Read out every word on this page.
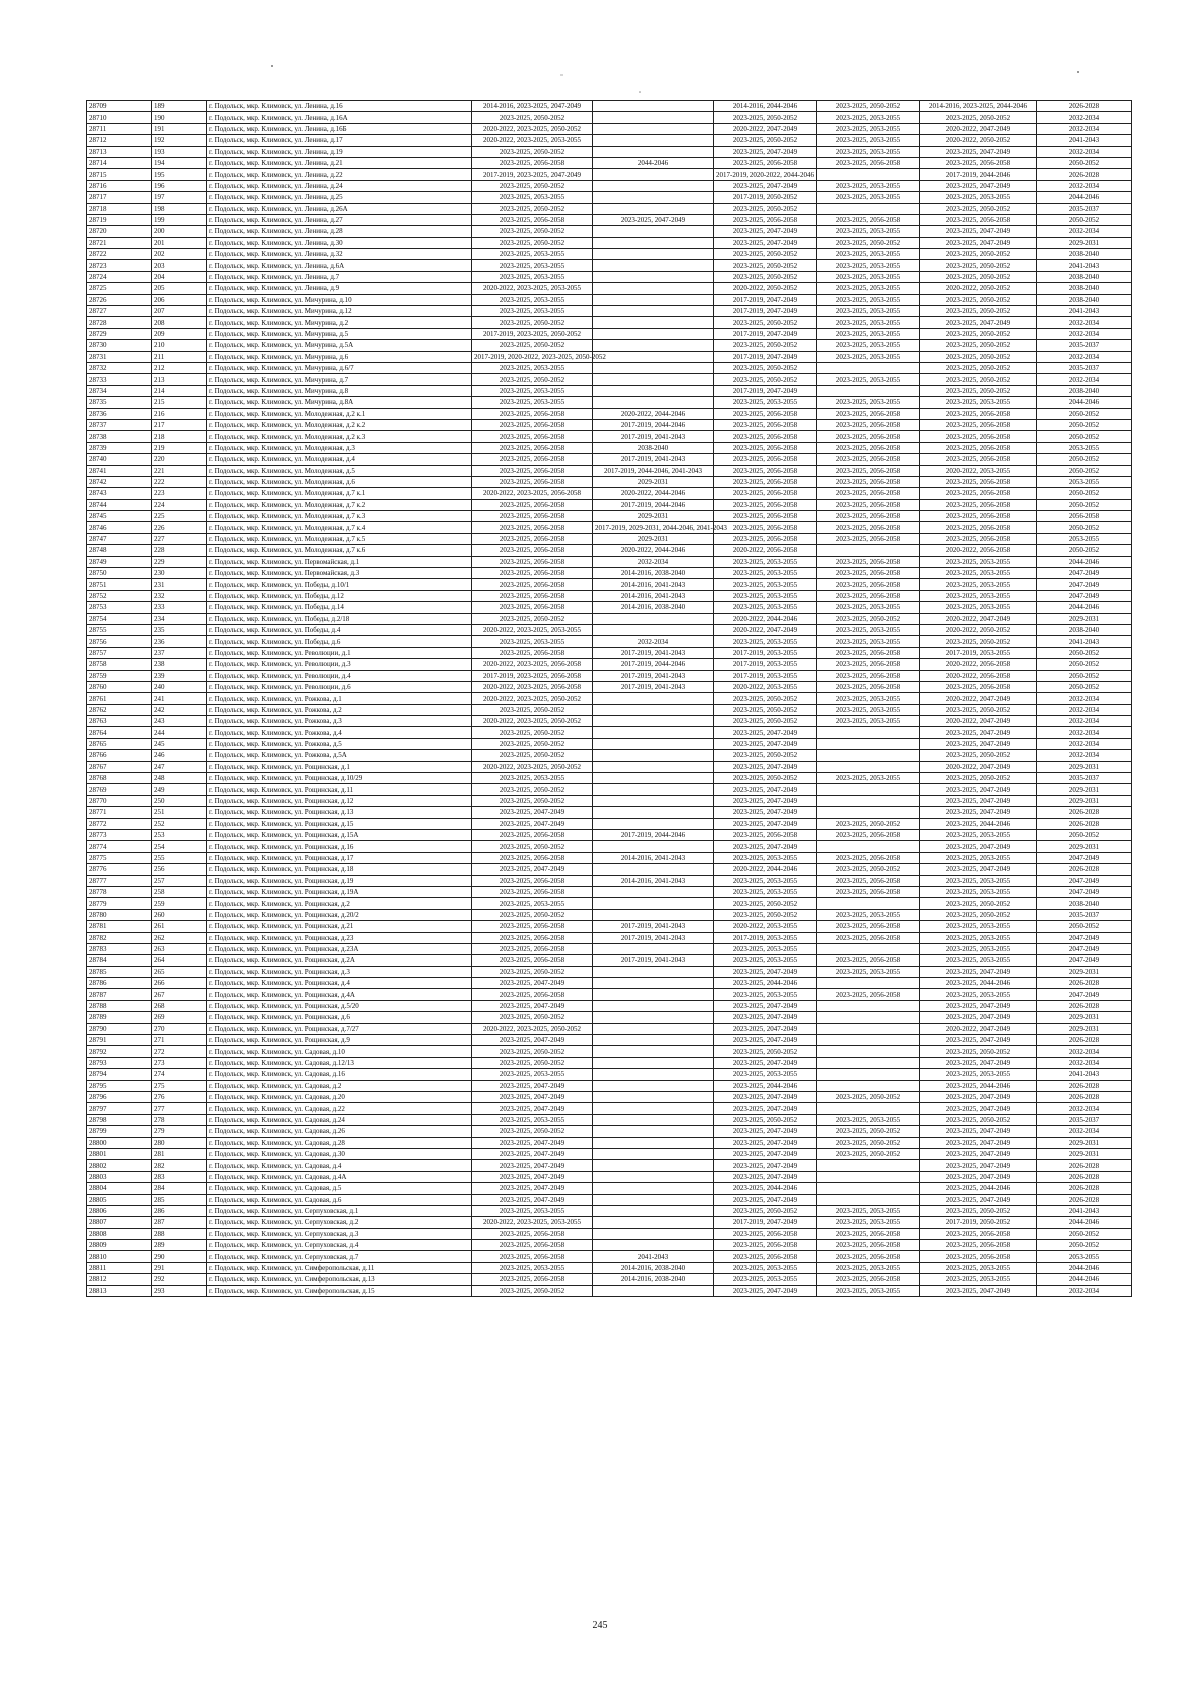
28709	189	г. Подольск, мкр. Климовск, ул. Ленина, д.16	2014-2016, 2023-2025, 2047-2049		2014-2016, 2044-2046	2023-2025, 2050-2052	2014-2016, 2023-2025, 2044-2046	2026-2028
28710	190	г. Подольск, мкр. Климовск, ул. Ленина, д.16А	2023-2025, 2050-2052		2023-2025, 2050-2052	2023-2025, 2053-2055	2023-2025, 2050-2052	2032-2034
28711	191	г. Подольск, мкр. Климовск, ул. Ленина, д.16Б	2020-2022, 2023-2025, 2050-2052		2020-2022, 2047-2049	2023-2025, 2053-2055	2020-2022, 2047-2049	2032-2034
28712	192	г. Подольск, мкр. Климовск, ул. Ленина, д.17	2020-2022, 2023-2025, 2053-2055		2023-2025, 2050-2052	2023-2025, 2053-2055	2020-2022, 2050-2052	2041-2043
28713	193	г. Подольск, мкр. Климовск, ул. Ленина, д.19	2023-2025, 2050-2052		2023-2025, 2047-2049	2023-2025, 2053-2055	2023-2025, 2047-2049	2032-2034
28714	194	г. Подольск, мкр. Климовск, ул. Ленина, д.21	2023-2025, 2056-2058	2044-2046	2023-2025, 2056-2058	2023-2025, 2056-2058	2023-2025, 2056-2058	2050-2052
28715	195	г. Подольск, мкр. Климовск, ул. Ленина, д.22	2017-2019, 2023-2025, 2047-2049		2017-2019, 2020-2022, 2044-2046		2017-2019, 2044-2046	2026-2028
28716	196	г. Подольск, мкр. Климовск, ул. Ленина, д.24	2023-2025, 2050-2052		2023-2025, 2047-2049	2023-2025, 2053-2055	2023-2025, 2047-2049	2032-2034
28717	197	г. Подольск, мкр. Климовск, ул. Ленина, д.25	2023-2025, 2053-2055		2017-2019, 2050-2052	2023-2025, 2053-2055	2023-2025, 2053-2055	2044-2046
28718	198	г. Подольск, мкр. Климовск, ул. Ленина, д.26А	2023-2025, 2050-2052		2023-2025, 2050-2052		2023-2025, 2050-2052	2035-2037
28719	199	г. Подольск, мкр. Климовск, ул. Ленина, д.27	2023-2025, 2056-2058	2023-2025, 2047-2049	2023-2025, 2056-2058	2023-2025, 2056-2058	2023-2025, 2056-2058	2050-2052
28720	200	г. Подольск, мкр. Климовск, ул. Ленина, д.28	2023-2025, 2050-2052		2023-2025, 2047-2049	2023-2025, 2053-2055	2023-2025, 2047-2049	2032-2034
28721	201	г. Подольск, мкр. Климовск, ул. Ленина, д.30	2023-2025, 2050-2052		2023-2025, 2047-2049	2023-2025, 2050-2052	2023-2025, 2047-2049	2029-2031
28722	202	г. Подольск, мкр. Климовск, ул. Ленина, д.32	2023-2025, 2053-2055		2023-2025, 2050-2052	2023-2025, 2053-2055	2023-2025, 2050-2052	2038-2040
28723	203	г. Подольск, мкр. Климовск, ул. Ленина, д.6А	2023-2025, 2053-2055		2023-2025, 2050-2052	2023-2025, 2053-2055	2023-2025, 2050-2052	2041-2043
28724	204	г. Подольск, мкр. Климовск, ул. Ленина, д.7	2023-2025, 2053-2055		2023-2025, 2050-2052	2023-2025, 2053-2055	2023-2025, 2050-2052	2038-2040
28725	205	г. Подольск, мкр. Климовск, ул. Ленина, д.9	2020-2022, 2023-2025, 2053-2055		2020-2022, 2050-2052	2023-2025, 2053-2055	2020-2022, 2050-2052	2038-2040
28726	206	г. Подольск, мкр. Климовск, ул. Мичурина, д.10	2023-2025, 2053-2055		2017-2019, 2047-2049	2023-2025, 2053-2055	2023-2025, 2050-2052	2038-2040
28727	207	г. Подольск, мкр. Климовск, ул. Мичурина, д.12	2023-2025, 2053-2055		2017-2019, 2047-2049	2023-2025, 2053-2055	2023-2025, 2050-2052	2041-2043
28728	208	г. Подольск, мкр. Климовск, ул. Мичурина, д.2	2023-2025, 2050-2052		2023-2025, 2050-2052	2023-2025, 2053-2055	2023-2025, 2047-2049	2032-2034
28729	209	г. Подольск, мкр. Климовск, ул. Мичурина, д.5	2017-2019, 2023-2025, 2050-2052		2017-2019, 2047-2049	2023-2025, 2053-2055	2023-2025, 2050-2052	2032-2034
28730	210	г. Подольск, мкр. Климовск, ул. Мичурина, д.5А	2023-2025, 2050-2052		2023-2025, 2050-2052	2023-2025, 2053-2055	2023-2025, 2050-2052	2035-2037
28731	211	г. Подольск, мкр. Климовск, ул. Мичурина, д.6	2017-2019, 2020-2022, 2023-2025, 2050-2052		2017-2019, 2047-2049	2023-2025, 2053-2055	2023-2025, 2050-2052	2032-2034
28732	212	г. Подольск, мкр. Климовск, ул. Мичурина, д.6/7	2023-2025, 2053-2055		2023-2025, 2050-2052		2023-2025, 2050-2052	2035-2037
28733	213	г. Подольск, мкр. Климовск, ул. Мичурина, д.7	2023-2025, 2050-2052		2023-2025, 2050-2052	2023-2025, 2053-2055	2023-2025, 2050-2052	2032-2034
28734	214	г. Подольск, мкр. Климовск, ул. Мичурина, д.8	2023-2025, 2053-2055		2017-2019, 2047-2049		2023-2025, 2050-2052	2038-2040
28735	215	г. Подольск, мкр. Климовск, ул. Мичурина, д.8А	2023-2025, 2053-2055		2023-2025, 2053-2055	2023-2025, 2053-2055	2023-2025, 2053-2055	2044-2046
28736	216	г. Подольск, мкр. Климовск, ул. Молодежная, д.2 к.1	2023-2025, 2056-2058	2020-2022, 2044-2046	2023-2025, 2056-2058	2023-2025, 2056-2058	2023-2025, 2056-2058	2050-2052
28737	217	г. Подольск, мкр. Климовск, ул. Молодежная, д.2 к.2	2023-2025, 2056-2058	2017-2019, 2044-2046	2023-2025, 2056-2058	2023-2025, 2056-2058	2023-2025, 2056-2058	2050-2052
28738	218	г. Подольск, мкр. Климовск, ул. Молодежная, д.2 к.3	2023-2025, 2056-2058	2017-2019, 2041-2043	2023-2025, 2056-2058	2023-2025, 2056-2058	2023-2025, 2056-2058	2050-2052
28739	219	г. Подольск, мкр. Климовск, ул. Молодежная, д.3	2023-2025, 2056-2058	2038-2040	2023-2025, 2056-2058	2023-2025, 2056-2058	2023-2025, 2056-2058	2053-2055
28740	220	г. Подольск, мкр. Климовск, ул. Молодежная, д.4	2023-2025, 2056-2058	2017-2019, 2041-2043	2023-2025, 2056-2058	2023-2025, 2056-2058	2023-2025, 2056-2058	2050-2052
28741	221	г. Подольск, мкр. Климовск, ул. Молодежная, д.5	2023-2025, 2056-2058	2017-2019, 2044-2046, 2041-2043	2023-2025, 2056-2058	2023-2025, 2056-2058	2020-2022, 2053-2055	2050-2052
28742	222	г. Подольск, мкр. Климовск, ул. Молодежная, д.6	2023-2025, 2056-2058	2029-2031	2023-2025, 2056-2058	2023-2025, 2056-2058	2023-2025, 2056-2058	2053-2055
28743	223	г. Подольск, мкр. Климовск, ул. Молодежная, д.7 к.1	2020-2022, 2023-2025, 2056-2058	2020-2022, 2044-2046	2023-2025, 2056-2058	2023-2025, 2056-2058	2023-2025, 2056-2058	2050-2052
28744	224	г. Подольск, мкр. Климовск, ул. Молодежная, д.7 к.2	2023-2025, 2056-2058	2017-2019, 2044-2046	2023-2025, 2056-2058	2023-2025, 2056-2058	2023-2025, 2056-2058	2050-2052
28745	225	г. Подольск, мкр. Климовск, ул. Молодежная, д.7 к.3	2023-2025, 2056-2058	2029-2031	2023-2025, 2056-2058	2023-2025, 2056-2058	2023-2025, 2056-2058	2056-2058
28746	226	г. Подольск, мкр. Климовск, ул. Молодежная, д.7 к.4	2023-2025, 2056-2058	2017-2019, 2029-2031, 2044-2046, 2041-2043	2023-2025, 2056-2058	2023-2025, 2056-2058	2023-2025, 2056-2058	2050-2052
28747	227	г. Подольск, мкр. Климовск, ул. Молодежная, д.7 к.5	2023-2025, 2056-2058	2029-2031	2023-2025, 2056-2058	2023-2025, 2056-2058	2023-2025, 2056-2058	2053-2055
28748	228	г. Подольск, мкр. Климовск, ул. Молодежная, д.7 к.6	2023-2025, 2056-2058	2020-2022, 2044-2046	2020-2022, 2056-2058		2020-2022, 2056-2058	2050-2052
28749	229	г. Подольск, мкр. Климовск, ул. Первомайская, д.1	2023-2025, 2056-2058	2032-2034	2023-2025, 2053-2055	2023-2025, 2056-2058	2023-2025, 2053-2055	2044-2046
28750	230	г. Подольск, мкр. Климовск, ул. Первомайская, д.3	2023-2025, 2056-2058	2014-2016, 2038-2040	2023-2025, 2053-2055	2023-2025, 2056-2058	2023-2025, 2053-2055	2047-2049
28751	231	г. Подольск, мкр. Климовск, ул. Победы, д.10/1	2023-2025, 2056-2058	2014-2016, 2041-2043	2023-2025, 2053-2055	2023-2025, 2056-2058	2023-2025, 2053-2055	2047-2049
28752	232	г. Подольск, мкр. Климовск, ул. Победы, д.12	2023-2025, 2056-2058	2014-2016, 2041-2043	2023-2025, 2053-2055	2023-2025, 2056-2058	2023-2025, 2053-2055	2047-2049
28753	233	г. Подольск, мкр. Климовск, ул. Победы, д.14	2023-2025, 2056-2058	2014-2016, 2038-2040	2023-2025, 2053-2055	2023-2025, 2053-2055	2023-2025, 2053-2055	2044-2046
28754	234	г. Подольск, мкр. Климовск, ул. Победы, д.2/18	2023-2025, 2050-2052		2020-2022, 2044-2046	2023-2025, 2050-2052	2020-2022, 2047-2049	2029-2031
28755	235	г. Подольск, мкр. Климовск, ул. Победы, д.4	2020-2022, 2023-2025, 2053-2055		2020-2022, 2047-2049	2023-2025, 2053-2055	2020-2022, 2050-2052	2038-2040
28756	236	г. Подольск, мкр. Климовск, ул. Победы, д.6	2023-2025, 2053-2055	2032-2034	2023-2025, 2053-2055	2023-2025, 2053-2055	2023-2025, 2050-2052	2041-2043
28757	237	г. Подольск, мкр. Климовск, ул. Революции, д.1	2023-2025, 2056-2058	2017-2019, 2041-2043	2017-2019, 2053-2055	2023-2025, 2056-2058	2017-2019, 2053-2055	2050-2052
28758	238	г. Подольск, мкр. Климовск, ул. Революции, д.3	2020-2022, 2023-2025, 2056-2058	2017-2019, 2044-2046	2017-2019, 2053-2055	2023-2025, 2056-2058	2020-2022, 2056-2058	2050-2052
28759	239	г. Подольск, мкр. Климовск, ул. Революции, д.4	2017-2019, 2023-2025, 2056-2058	2017-2019, 2041-2043	2017-2019, 2053-2055	2023-2025, 2056-2058	2020-2022, 2056-2058	2050-2052
28760	240	г. Подольск, мкр. Климовск, ул. Революции, д.6	2020-2022, 2023-2025, 2056-2058	2017-2019, 2041-2043	2020-2022, 2053-2055	2023-2025, 2056-2058	2023-2025, 2056-2058	2050-2052
28761	241	г. Подольск, мкр. Климовск, ул. Рожкова, д.1	2020-2022, 2023-2025, 2050-2052		2023-2025, 2050-2052	2023-2025, 2053-2055	2020-2022, 2047-2049	2032-2034
28762	242	г. Подольск, мкр. Климовск, ул. Рожкова, д.2	2023-2025, 2050-2052		2023-2025, 2050-2052	2023-2025, 2053-2055	2023-2025, 2050-2052	2032-2034
28763	243	г. Подольск, мкр. Климовск, ул. Рожкова, д.3	2020-2022, 2023-2025, 2050-2052		2023-2025, 2050-2052	2023-2025, 2053-2055	2020-2022, 2047-2049	2032-2034
28764	244	г. Подольск, мкр. Климовск, ул. Рожкова, д.4	2023-2025, 2050-2052		2023-2025, 2047-2049		2023-2025, 2047-2049	2032-2034
28765	245	г. Подольск, мкр. Климовск, ул. Рожкова, д.5	2023-2025, 2050-2052		2023-2025, 2047-2049		2023-2025, 2047-2049	2032-2034
28766	246	г. Подольск, мкр. Климовск, ул. Рожкова, д.5А	2023-2025, 2050-2052		2023-2025, 2050-2052		2023-2025, 2050-2052	2032-2034
28767	247	г. Подольск, мкр. Климовск, ул. Рощинская, д.1	2020-2022, 2023-2025, 2050-2052		2023-2025, 2047-2049		2020-2022, 2047-2049	2029-2031
28768	248	г. Подольск, мкр. Климовск, ул. Рощинская, д.10/29	2023-2025, 2053-2055		2023-2025, 2050-2052	2023-2025, 2053-2055	2023-2025, 2050-2052	2035-2037
28769	249	г. Подольск, мкр. Климовск, ул. Рощинская, д.11	2023-2025, 2050-2052		2023-2025, 2047-2049		2023-2025, 2047-2049	2029-2031
28770	250	г. Подольск, мкр. Климовск, ул. Рощинская, д.12	2023-2025, 2050-2052		2023-2025, 2047-2049		2023-2025, 2047-2049	2029-2031
28771	251	г. Подольск, мкр. Климовск, ул. Рощинская, д.13	2023-2025, 2047-2049		2023-2025, 2047-2049		2023-2025, 2047-2049	2026-2028
28772	252	г. Подольск, мкр. Климовск, ул. Рощинская, д.15	2023-2025, 2047-2049		2023-2025, 2047-2049	2023-2025, 2050-2052	2023-2025, 2044-2046	2026-2028
28773	253	г. Подольск, мкр. Климовск, ул. Рощинская, д.15А	2023-2025, 2056-2058	2017-2019, 2044-2046	2023-2025, 2056-2058	2023-2025, 2056-2058	2023-2025, 2053-2055	2050-2052
28774	254	г. Подольск, мкр. Климовск, ул. Рощинская, д.16	2023-2025, 2050-2052		2023-2025, 2047-2049		2023-2025, 2047-2049	2029-2031
28775	255	г. Подольск, мкр. Климовск, ул. Рощинская, д.17	2023-2025, 2056-2058	2014-2016, 2041-2043	2023-2025, 2053-2055	2023-2025, 2056-2058	2023-2025, 2053-2055	2047-2049
28776	256	г. Подольск, мкр. Климовск, ул. Рощинская, д.18	2023-2025, 2047-2049		2020-2022, 2044-2046	2023-2025, 2050-2052	2023-2025, 2047-2049	2026-2028
28777	257	г. Подольск, мкр. Климовск, ул. Рощинская, д.19	2023-2025, 2056-2058	2014-2016, 2041-2043	2023-2025, 2053-2055	2023-2025, 2056-2058	2023-2025, 2053-2055	2047-2049
28778	258	г. Подольск, мкр. Климовск, ул. Рощинская, д.19А	2023-2025, 2056-2058		2023-2025, 2053-2055	2023-2025, 2056-2058	2023-2025, 2053-2055	2047-2049
28779	259	г. Подольск, мкр. Климовск, ул. Рощинская, д.2	2023-2025, 2053-2055		2023-2025, 2050-2052		2023-2025, 2050-2052	2038-2040
28780	260	г. Подольск, мкр. Климовск, ул. Рощинская, д.20/2	2023-2025, 2050-2052		2023-2025, 2050-2052	2023-2025, 2053-2055	2023-2025, 2050-2052	2035-2037
28781	261	г. Подольск, мкр. Климовск, ул. Рощинская, д.21	2023-2025, 2056-2058	2017-2019, 2041-2043	2020-2022, 2053-2055	2023-2025, 2056-2058	2023-2025, 2053-2055	2050-2052
28782	262	г. Подольск, мкр. Климовск, ул. Рощинская, д.23	2023-2025, 2056-2058	2017-2019, 2041-2043	2017-2019, 2053-2055	2023-2025, 2056-2058	2023-2025, 2053-2055	2047-2049
28783	263	г. Подольск, мкр. Климовск, ул. Рощинская, д.23А	2023-2025, 2056-2058		2023-2025, 2053-2055		2023-2025, 2053-2055	2047-2049
28784	264	г. Подольск, мкр. Климовск, ул. Рощинская, д.2А	2023-2025, 2056-2058	2017-2019, 2041-2043	2023-2025, 2053-2055	2023-2025, 2056-2058	2023-2025, 2053-2055	2047-2049
28785	265	г. Подольск, мкр. Климовск, ул. Рощинская, д.3	2023-2025, 2050-2052		2023-2025, 2047-2049	2023-2025, 2053-2055	2023-2025, 2047-2049	2029-2031
28786	266	г. Подольск, мкр. Климовск, ул. Рощинская, д.4	2023-2025, 2047-2049		2023-2025, 2044-2046		2023-2025, 2044-2046	2026-2028
28787	267	г. Подольск, мкр. Климовск, ул. Рощинская, д.4А	2023-2025, 2056-2058		2023-2025, 2053-2055	2023-2025, 2056-2058	2023-2025, 2053-2055	2047-2049
28788	268	г. Подольск, мкр. Климовск, ул. Рощинская, д.5/20	2023-2025, 2047-2049		2023-2025, 2047-2049		2023-2025, 2047-2049	2026-2028
28789	269	г. Подольск, мкр. Климовск, ул. Рощинская, д.6	2023-2025, 2050-2052		2023-2025, 2047-2049		2023-2025, 2047-2049	2029-2031
28790	270	г. Подольск, мкр. Климовск, ул. Рощинская, д.7/27	2020-2022, 2023-2025, 2050-2052		2023-2025, 2047-2049		2020-2022, 2047-2049	2029-2031
28791	271	г. Подольск, мкр. Климовск, ул. Рощинская, д.9	2023-2025, 2047-2049		2023-2025, 2047-2049		2023-2025, 2047-2049	2026-2028
28792	272	г. Подольск, мкр. Климовск, ул. Садовая, д.10	2023-2025, 2050-2052		2023-2025, 2050-2052		2023-2025, 2050-2052	2032-2034
28793	273	г. Подольск, мкр. Климовск, ул. Садовая, д.12/13	2023-2025, 2050-2052		2023-2025, 2047-2049		2023-2025, 2047-2049	2032-2034
28794	274	г. Подольск, мкр. Климовск, ул. Садовая, д.16	2023-2025, 2053-2055		2023-2025, 2053-2055		2023-2025, 2053-2055	2041-2043
28795	275	г. Подольск, мкр. Климовск, ул. Садовая, д.2	2023-2025, 2047-2049		2023-2025, 2044-2046		2023-2025, 2044-2046	2026-2028
28796	276	г. Подольск, мкр. Климовск, ул. Садовая, д.20	2023-2025, 2047-2049		2023-2025, 2047-2049	2023-2025, 2050-2052	2023-2025, 2047-2049	2026-2028
28797	277	г. Подольск, мкр. Климовск, ул. Садовая, д.22	2023-2025, 2047-2049		2023-2025, 2047-2049		2023-2025, 2047-2049	2032-2034
28798	278	г. Подольск, мкр. Климовск, ул. Садовая, д.24	2023-2025, 2053-2055		2023-2025, 2050-2052	2023-2025, 2053-2055	2023-2025, 2050-2052	2035-2037
28799	279	г. Подольск, мкр. Климовск, ул. Садовая, д.26	2023-2025, 2050-2052		2023-2025, 2047-2049	2023-2025, 2050-2052	2023-2025, 2047-2049	2032-2034
28800	280	г. Подольск, мкр. Климовск, ул. Садовая, д.28	2023-2025, 2047-2049		2023-2025, 2047-2049	2023-2025, 2050-2052	2023-2025, 2047-2049	2029-2031
28801	281	г. Подольск, мкр. Климовск, ул. Садовая, д.30	2023-2025, 2047-2049		2023-2025, 2047-2049	2023-2025, 2050-2052	2023-2025, 2047-2049	2029-2031
28802	282	г. Подольск, мкр. Климовск, ул. Садовая, д.4	2023-2025, 2047-2049		2023-2025, 2047-2049		2023-2025, 2047-2049	2026-2028
28803	283	г. Подольск, мкр. Климовск, ул. Садовая, д.4А	2023-2025, 2047-2049		2023-2025, 2047-2049		2023-2025, 2047-2049	2026-2028
28804	284	г. Подольск, мкр. Климовск, ул. Садовая, д.5	2023-2025, 2047-2049		2023-2025, 2044-2046		2023-2025, 2044-2046	2026-2028
28805	285	г. Подольск, мкр. Климовск, ул. Садовая, д.6	2023-2025, 2047-2049		2023-2025, 2047-2049		2023-2025, 2047-2049	2026-2028
28806	286	г. Подольск, мкр. Климовск, ул. Серпуховская, д.1	2023-2025, 2053-2055		2023-2025, 2050-2052	2023-2025, 2053-2055	2023-2025, 2050-2052	2041-2043
28807	287	г. Подольск, мкр. Климовск, ул. Серпуховская, д.2	2020-2022, 2023-2025, 2053-2055		2017-2019, 2047-2049	2023-2025, 2053-2055	2017-2019, 2050-2052	2044-2046
28808	288	г. Подольск, мкр. Климовск, ул. Серпуховская, д.3	2023-2025, 2056-2058		2023-2025, 2056-2058	2023-2025, 2056-2058	2023-2025, 2056-2058	2050-2052
28809	289	г. Подольск, мкр. Климовск, ул. Серпуховская, д.4	2023-2025, 2056-2058		2023-2025, 2056-2058	2023-2025, 2056-2058	2023-2025, 2056-2058	2050-2052
28810	290	г. Подольск, мкр. Климовск, ул. Серпуховская, д.7	2023-2025, 2056-2058	2041-2043	2023-2025, 2056-2058	2023-2025, 2056-2058	2023-2025, 2056-2058	2053-2055
28811	291	г. Подольск, мкр. Климовск, ул. Симферопольская, д.11	2023-2025, 2053-2055	2014-2016, 2038-2040	2023-2025, 2053-2055	2023-2025, 2053-2055	2023-2025, 2053-2055	2044-2046
28812	292	г. Подольск, мкр. Климовск, ул. Симферопольская, д.13	2023-2025, 2056-2058	2014-2016, 2038-2040	2023-2025, 2053-2055	2023-2025, 2056-2058	2023-2025, 2053-2055	2044-2046
28813	293	г. Подольск, мкр. Климовск, ул. Симферопольская, д.15	2023-2025, 2050-2052		2023-2025, 2047-2049	2023-2025, 2053-2055	2023-2025, 2047-2049	2032-2034
245
